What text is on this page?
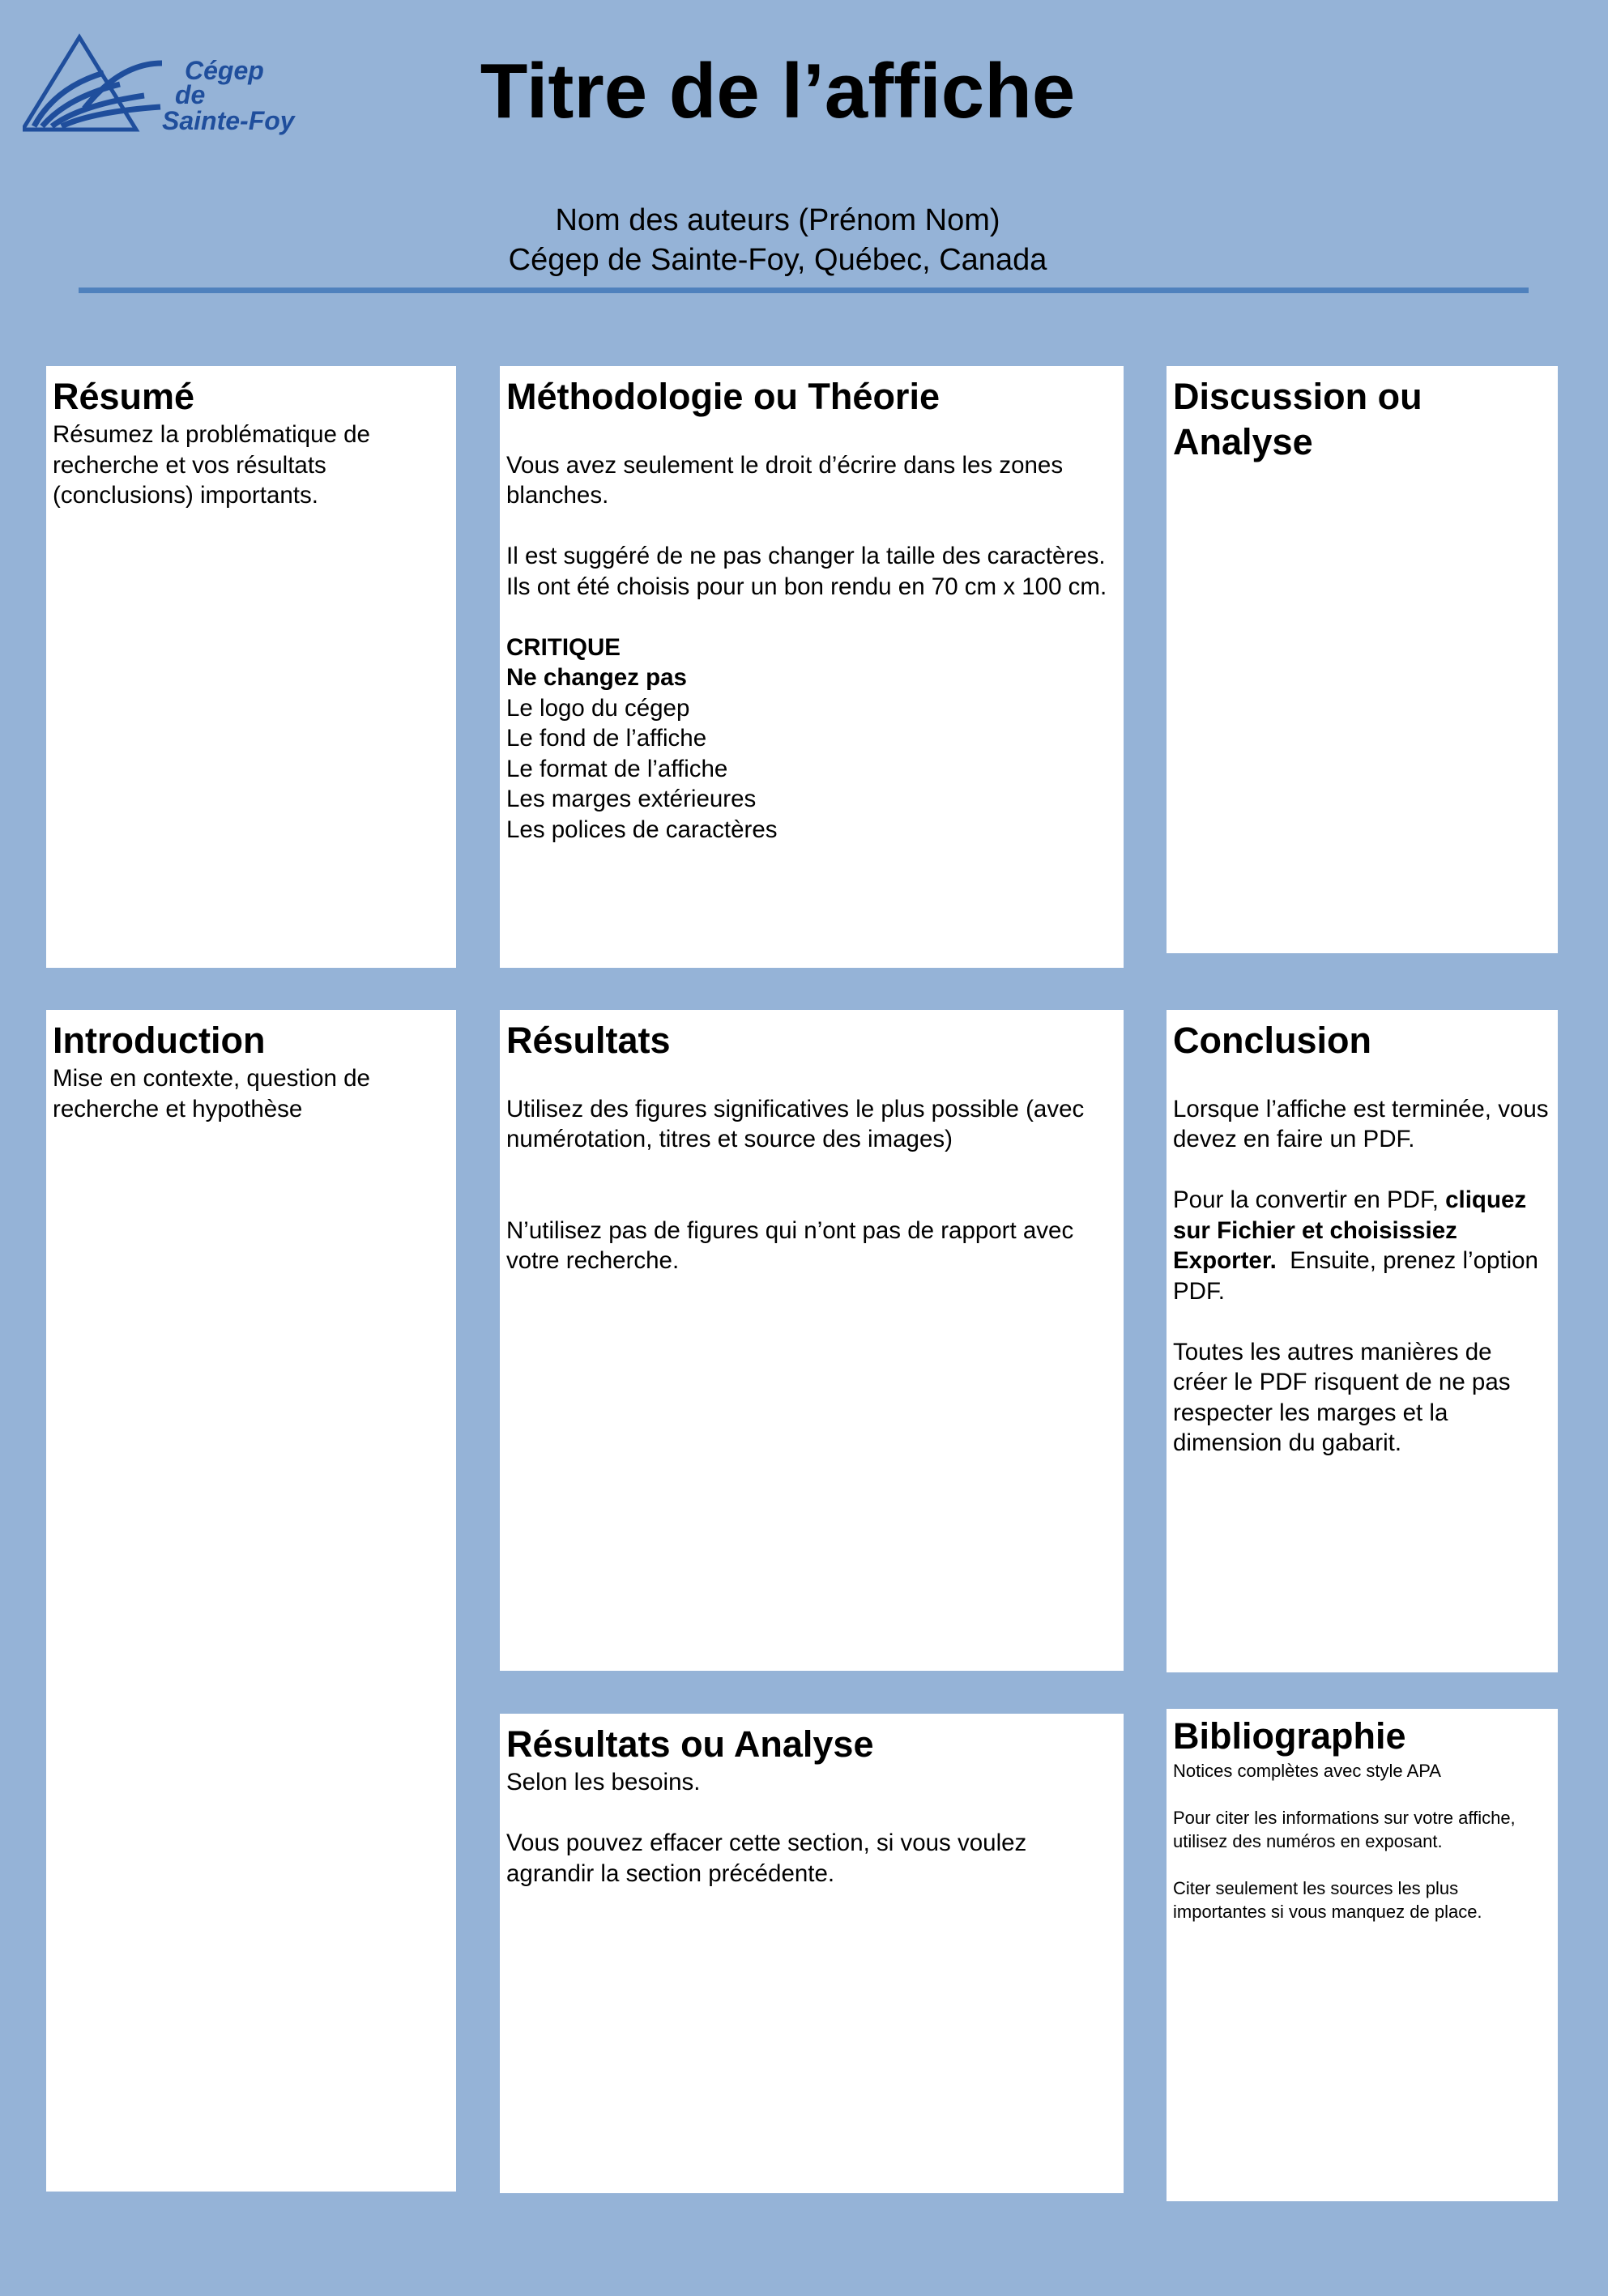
Cégep
de
Sainte-Foy	Titre de l’affiche
Nom des auteurs (Prénom Nom)
Cégep de Sainte-Foy, Québec, Canada
Résumé

Résumez la problématique de recherche et vos résultats (conclusions) importants.

Méthodologie ou Théorie

Vous avez seulement le droit d’écrire dans les zones blanches.

Il est suggéré de ne pas changer la taille des caractères. Ils ont été choisis pour un bon rendu en 70 cm x 100 cm.

CRITIQUE

Ne changez pas

Le logo du cégep

Le fond de l’affiche

Le format de l’affiche

Les marges extérieures

Les polices de caractères

Discussion ou Analyse
Introduction

Mise en contexte, question de recherche et hypothèse

Résultats

Utilisez des figures significatives le plus possible (avec numérotation, titres et source des images)

N’utilisez pas de figures qui n’ont pas de rapport avec votre recherche.

Conclusion

Lorsque l’affiche est terminée, vous devez en faire un PDF.

Pour la convertir en PDF, cliquez sur Fichier et choisissiez Exporter. Ensuite, prenez l’option PDF.

Toutes les autres manières de créer le PDF risquent de ne pas respecter les marges et la dimension du gabarit.

Résultats ou Analyse

Selon les besoins.

Vous pouvez effacer cette section, si vous voulez agrandir la section précédente.

Bibliographie

Notices complètes avec style APA

Pour citer les informations sur votre affiche, utilisez des numéros en exposant.

Citer seulement les sources les plus importantes si vous manquez de place.
